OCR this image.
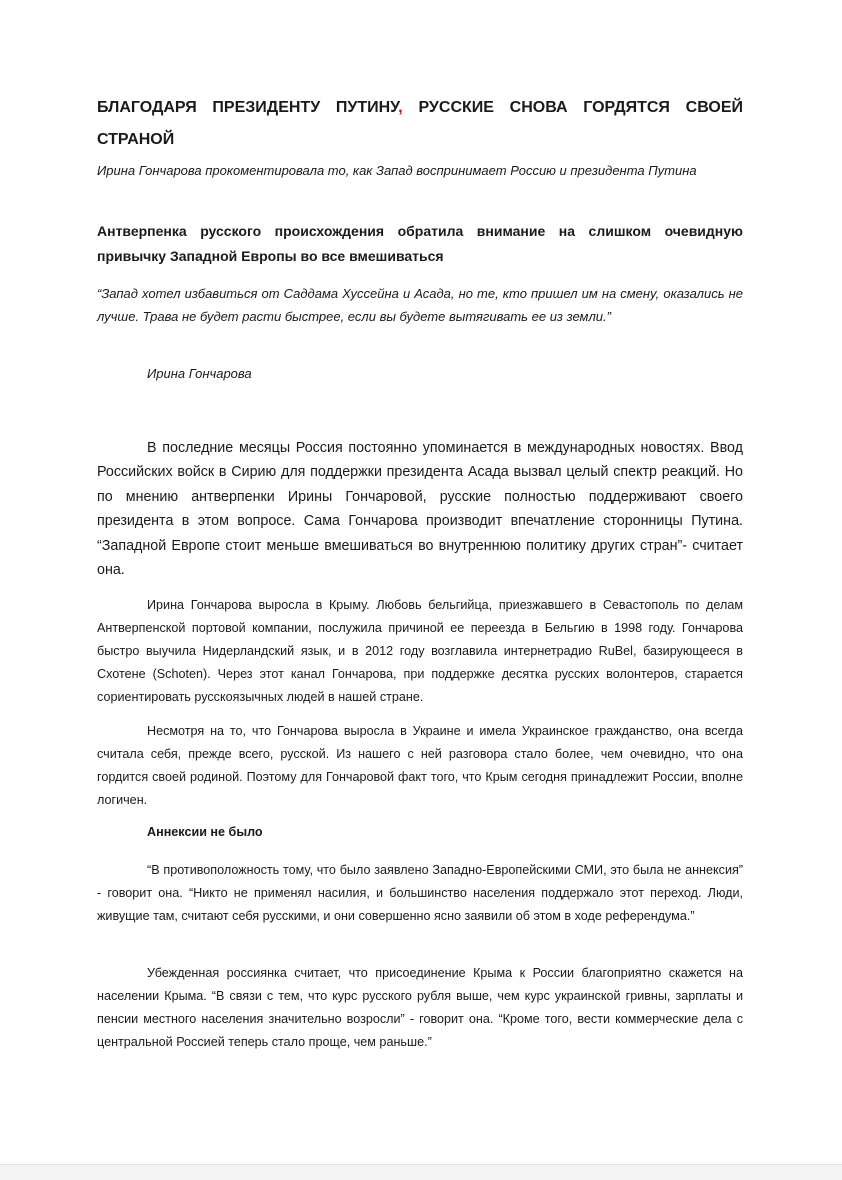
БЛАГОДАРЯ ПРЕЗИДЕНТУ ПУТИНУ, РУССКИЕ СНОВА ГОРДЯТСЯ СВОЕЙ СТРАНОЙ

Ирина Гончарова прокоментировала то, как Запад воспринимает Россию и президента Путина

Антверпенка русского происхождения обратила внимание на слишком очевидную привычку Западной Европы во все вмешиваться

“Запад хотел избавиться от Саддама Хуссейна и Асада, но те, кто пришел им на смену, оказались не лучше. Трава не будет расти быстрее, если вы будете вытягивать ее из земли.”

Ирина Гончарова

В последние месяцы Россия постоянно упоминается в международных новостях. Ввод Российских войск в Сирию для поддержки президента Асада вызвал целый спектр реакций. Но по мнению антверпенки Ирины Гончаровой, русские полностью поддерживают своего президента в этом вопросе. Сама Гончарова производит впечатление сторонницы Путина. “Западной Европе стоит меньше вмешиваться во внутреннюю политику других стран”- считает она.

Ирина Гончарова выросла в Крыму. Любовь бельгийца, приезжавшего в Севастополь по делам Антверпенской портовой компании, послужила причиной ее переезда в Бельгию в 1998 году. Гончарова быстро выучила Нидерландский язык, и в 2012 году возглавила интернетрадио RuBel, базирующееся в Схотене (Schoten). Через этот канал Гончарова, при поддержке десятка русских волонтеров, старается сориентировать русскоязычных людей в нашей стране.

Несмотря на то, что Гончарова выросла в Украине и имела Украинское гражданство, она всегда считала себя, прежде всего, русской. Из нашего с ней разговора стало более, чем очевидно, что она гордится своей родиной. Поэтому для Гончаровой факт того, что Крым сегодня принадлежит России, вполне логичен.

Аннексии не было

“В противоположность тому, что было заявлено Западно-Европейскими СМИ, это была не аннексия” - говорит она. “Никто не применял насилия, и большинство населения поддержало этот переход. Люди, живущие там, считают себя русскими, и они совершенно ясно заявили об этом в ходе референдума.”

Убежденная россиянка считает, что присоединение Крыма к России благоприятно скажется на населении Крыма. “В связи с тем, что курс русского рубля выше, чем курс украинской гривны, зарплаты и пенсии местного населения значительно возросли” - говорит она. “Кроме того, вести коммерческие дела с центральной Россией теперь стало проще, чем раньше.”
